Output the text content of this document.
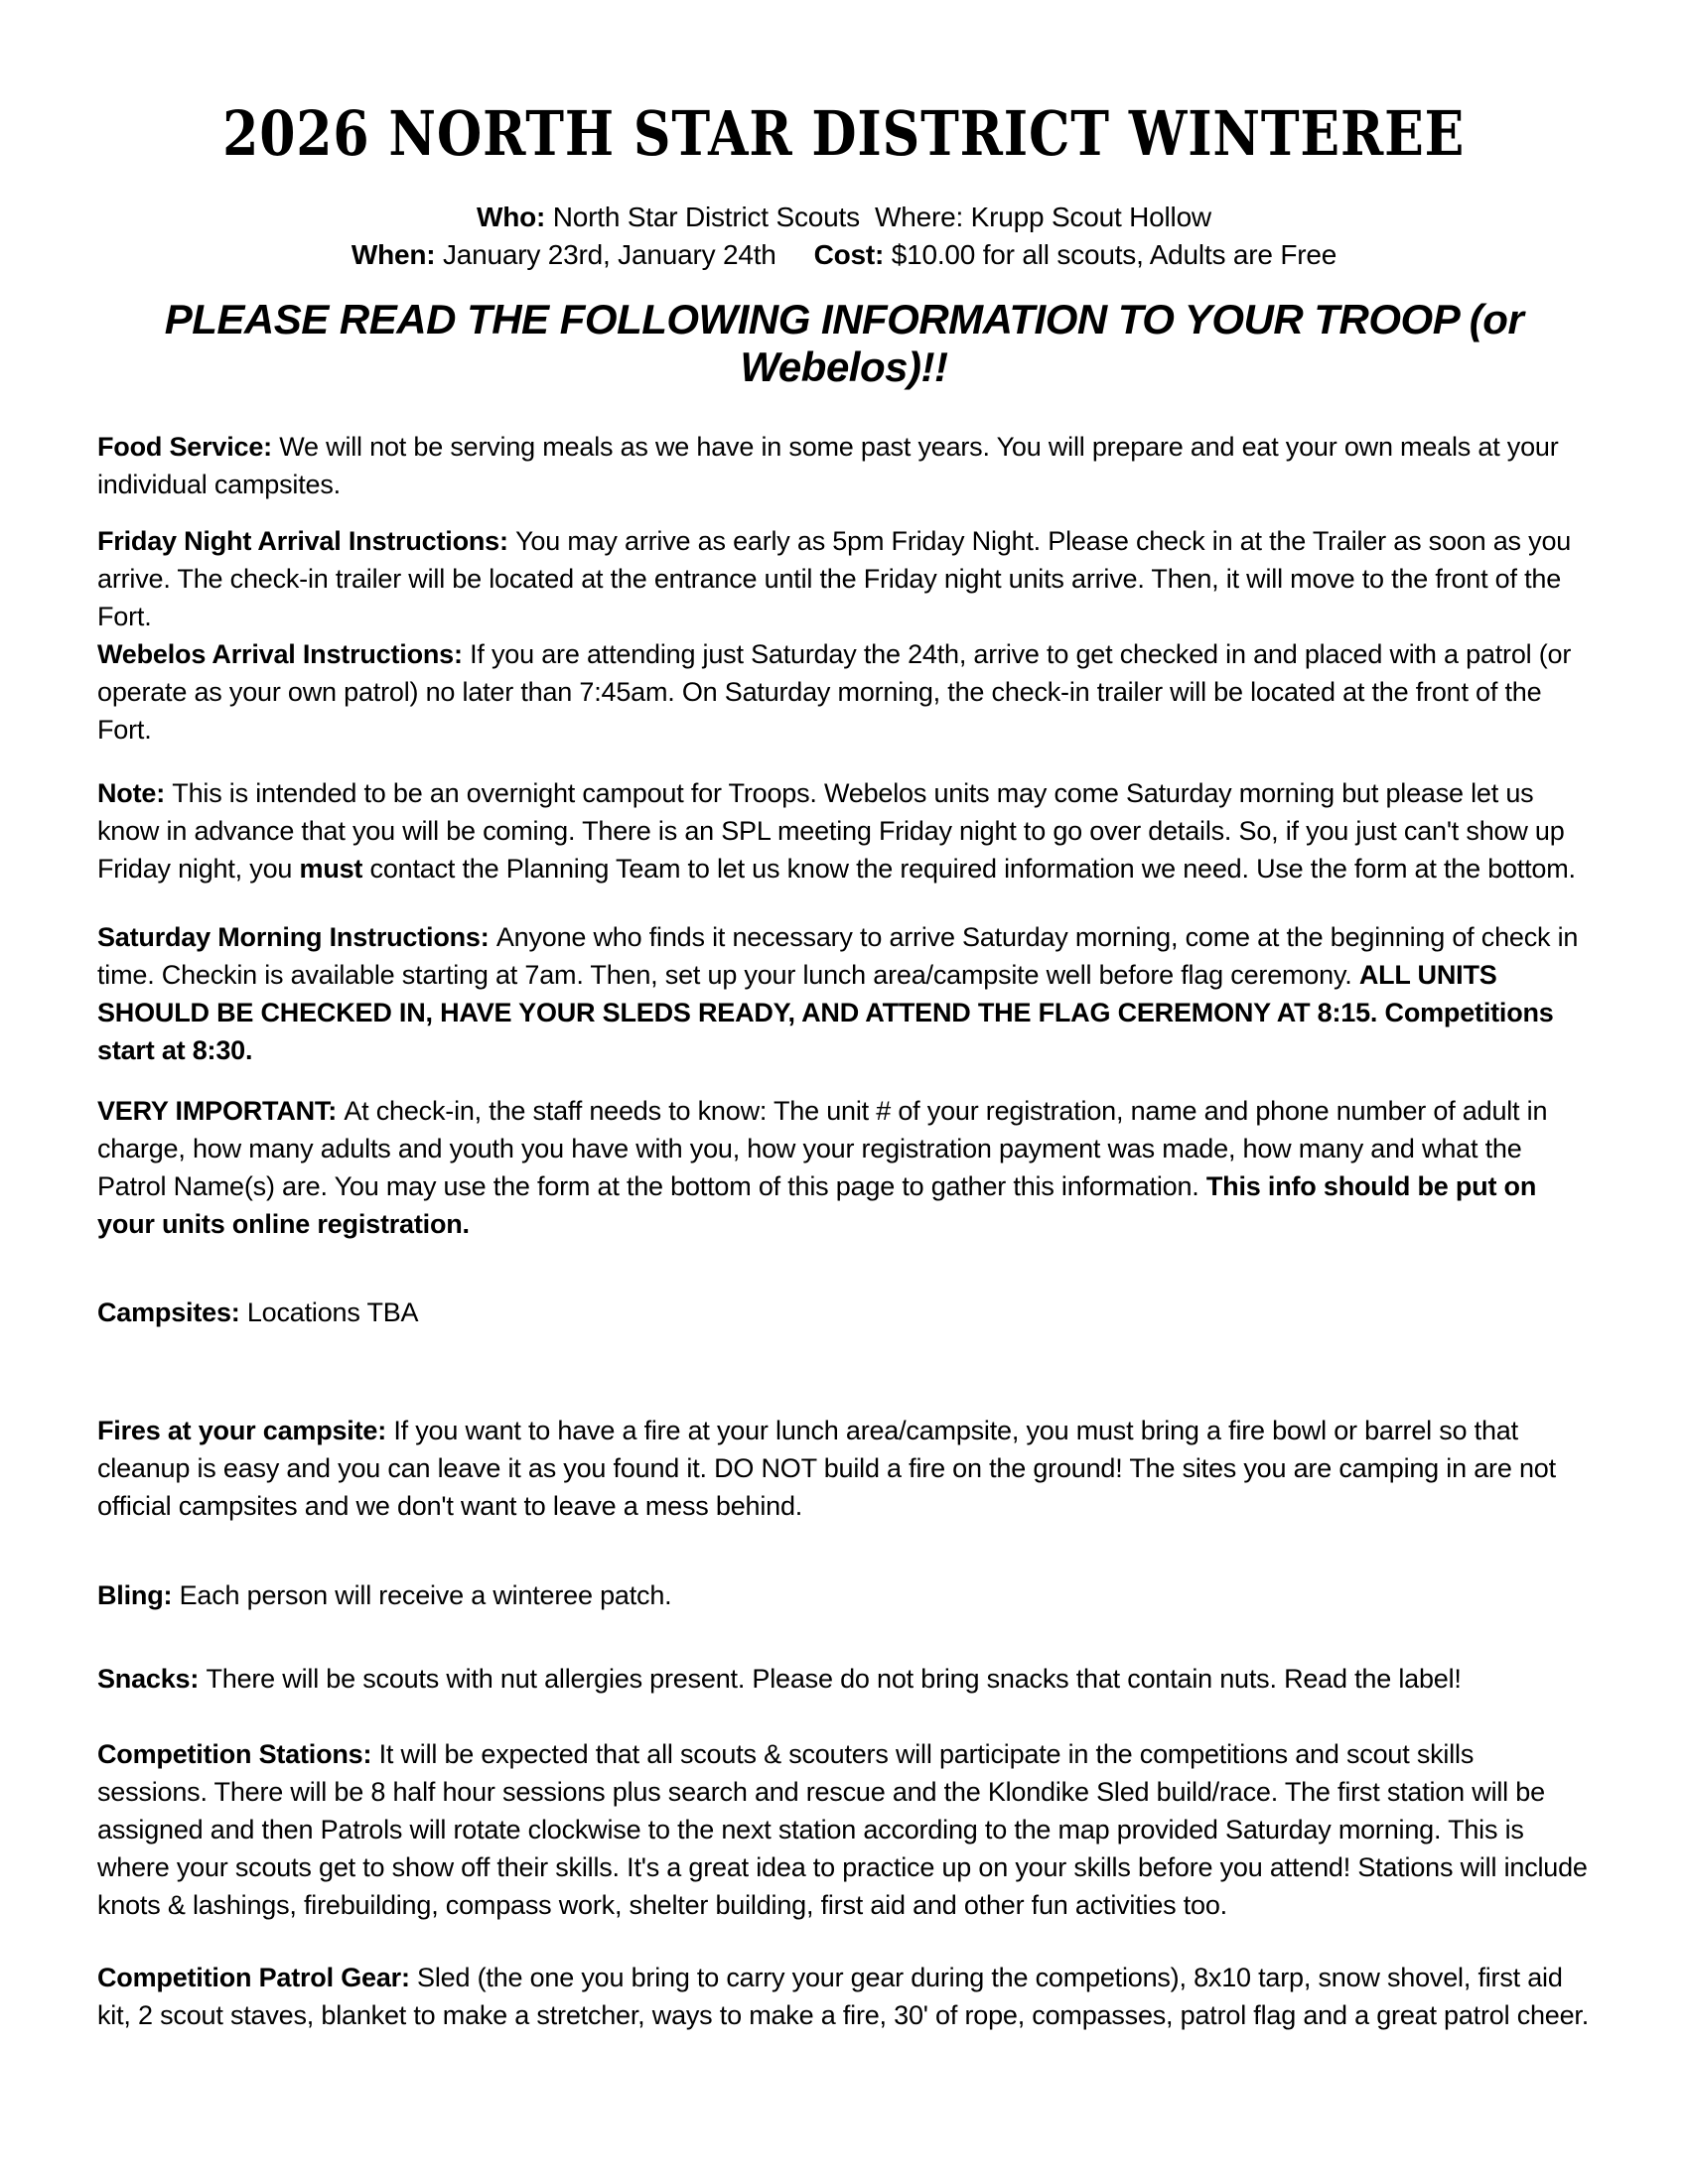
2026 NORTH STAR DISTRICT WINTEREE
Who: North Star District Scouts  Where: Krupp Scout Hollow
When: January 23rd, January 24th     Cost: $10.00 for all scouts, Adults are Free
PLEASE READ THE FOLLOWING INFORMATION TO YOUR TROOP (or Webelos)!!

Food Service: We will not be serving meals as we have in some past years. You will prepare and eat your own meals at your individual campsites.

Friday Night Arrival Instructions: You may arrive as early as 5pm Friday Night. Please check in at the Trailer as soon as you arrive. The check-in trailer will be located at the entrance until the Friday night units arrive. Then, it will move to the front of the Fort.

Webelos Arrival Instructions: If you are attending just Saturday the 24th, arrive to get checked in and placed with a patrol (or operate as your own patrol) no later than 7:45am. On Saturday morning, the check-in trailer will be located at the front of the Fort.

Note: This is intended to be an overnight campout for Troops. Webelos units may come Saturday morning but please let us know in advance that you will be coming. There is an SPL meeting Friday night to go over details. So, if you just can't show up Friday night, you must contact the Planning Team to let us know the required information we need. Use the form at the bottom.

Saturday Morning Instructions: Anyone who finds it necessary to arrive Saturday morning, come at the beginning of check in time. Checkin is available starting at 7am. Then, set up your lunch area/campsite well before flag ceremony. ALL UNITS SHOULD BE CHECKED IN, HAVE YOUR SLEDS READY, AND ATTEND THE FLAG CEREMONY AT 8:15. Competitions start at 8:30.

VERY IMPORTANT: At check-in, the staff needs to know: The unit # of your registration, name and phone number of adult in charge, how many adults and youth you have with you, how your registration payment was made, how many and what the Patrol Name(s) are. You may use the form at the bottom of this page to gather this information. This info should be put on your units online registration.

Campsites: Locations TBA

Fires at your campsite: If you want to have a fire at your lunch area/campsite, you must bring a fire bowl or barrel so that cleanup is easy and you can leave it as you found it. DO NOT build a fire on the ground! The sites you are camping in are not official campsites and we don't want to leave a mess behind.

Bling: Each person will receive a winteree patch.

Snacks: There will be scouts with nut allergies present. Please do not bring snacks that contain nuts. Read the label!

Competition Stations: It will be expected that all scouts & scouters will participate in the competitions and scout skills sessions. There will be 8 half hour sessions plus search and rescue and the Klondike Sled build/race. The first station will be assigned and then Patrols will rotate clockwise to the next station according to the map provided Saturday morning. This is where your scouts get to show off their skills. It's a great idea to practice up on your skills before you attend! Stations will include knots & lashings, firebuilding, compass work, shelter building, first aid and other fun activities too.

Competition Patrol Gear: Sled (the one you bring to carry your gear during the competions), 8x10 tarp, snow shovel, first aid kit, 2 scout staves, blanket to make a stretcher, ways to make a fire, 30' of rope, compasses, patrol flag and a great patrol cheer.
